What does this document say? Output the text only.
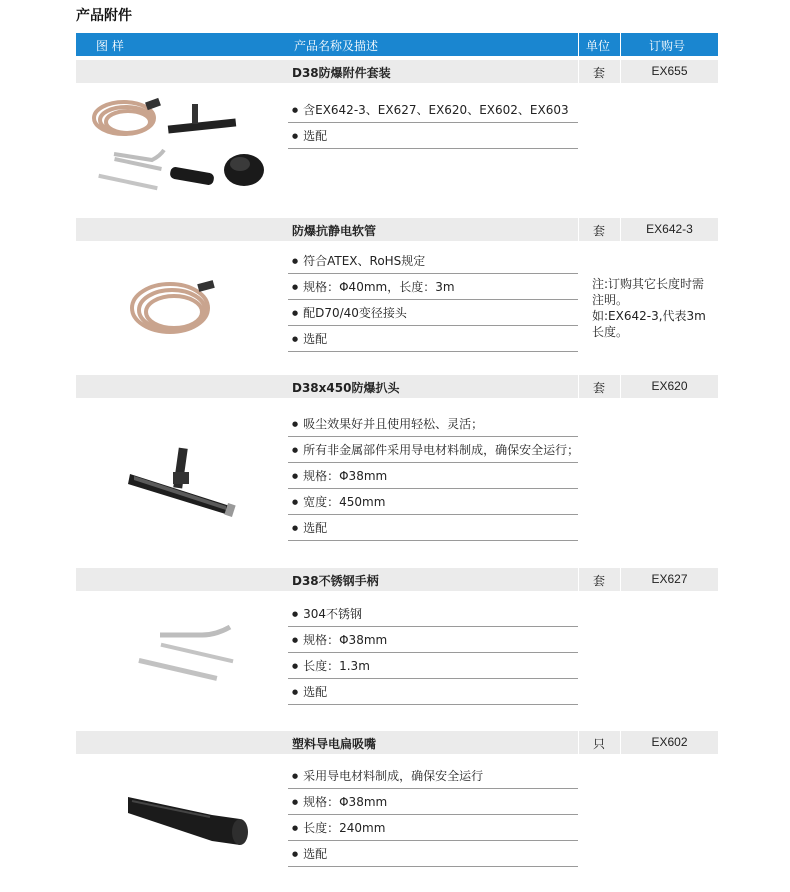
产品附件
图 样	产品名称及描述	单位	订购号
D38防爆附件套装	套	EX655
● 含EX642-3、EX627、EX620、EX602、EX603
● 选配
防爆抗静电软管	套	EX642-3
● 符合ATEX、RoHS规定
● 规格：Φ40mm，长度：3m
● 配D70/40变径接头
● 选配
注:订购其它长度时需
注明。
如:EX642-3,代表3m
长度。
D38x450防爆扒头	套	EX620
● 吸尘效果好并且使用轻松、灵活；
● 所有非金属部件采用导电材料制成，确保安全运行；
● 规格：Φ38mm
● 宽度：450mm
● 选配
D38不锈钢手柄	套	EX627
● 304不锈钢
● 规格：Φ38mm
● 长度：1.3m
● 选配
塑料导电扁吸嘴	只	EX602
● 采用导电材料制成，确保安全运行
● 规格：Φ38mm
● 长度：240mm
● 选配
